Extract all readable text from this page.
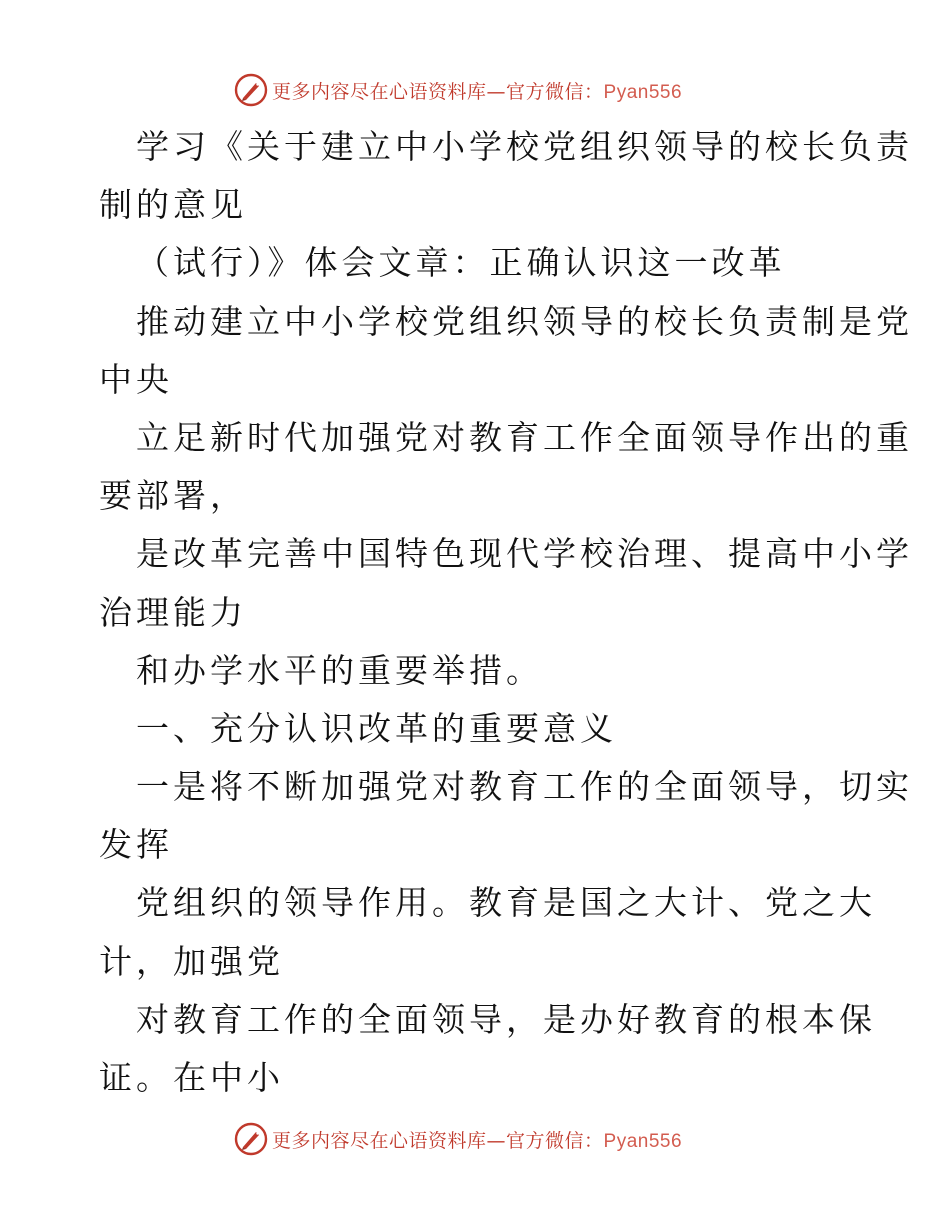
更多内容尽在心语资料库—官方微信：Pyan556
学习《关于建立中小学校党组织领导的校长负责
制的意见
（试行）》体会文章：正确认识这一改革
推动建立中小学校党组织领导的校长负责制是党
中央
立足新时代加强党对教育工作全面领导作出的重
要部署，
是改革完善中国特色现代学校治理、提高中小学
治理能力
和办学水平的重要举措。
一、充分认识改革的重要意义
一是将不断加强党对教育工作的全面领导，切实
发挥
党组织的领导作用。教育是国之大计、党之大
计，加强党
对教育工作的全面领导，是办好教育的根本保
证。在中小
更多内容尽在心语资料库—官方微信：Pyan556
